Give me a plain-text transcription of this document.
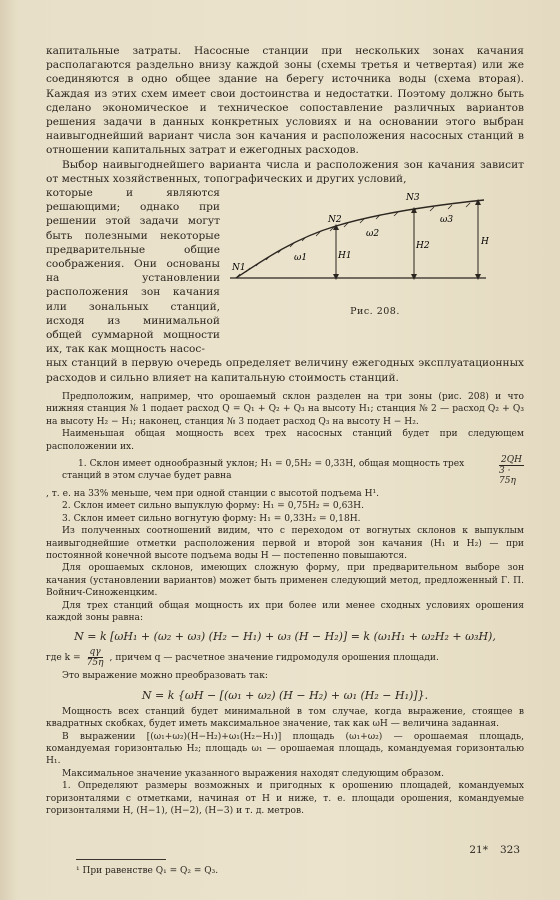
капитальные затраты. Насосные станции при нескольких зонах качания располагаются раздельно внизу каждой зоны (схемы третья и четвертая) или же соединяются в одно общее здание на берегу источника воды (схема вторая). Каждая из этих схем имеет свои достоинства и недостатки. Поэтому должно быть сделано экономическое и техническое сопоставление различных вариантов решения задачи в данных конкретных условиях и на основании этого выбран наивыгоднейший вариант числа зон качания и расположения насосных станций в отношении капитальных затрат и ежегодных расходов.

Выбор наивыгоднейшего варианта числа и расположения зон качания зависит от местных хозяйственных, топографических и других условий,

которые и являются решающими; однако при решении этой задачи могут быть полезными некоторые предварительные общие соображения. Они основаны на установлении расположения зон качания или зональных станций, исходя из минимальной общей суммарной мощности их, так как мощность насос-

N1
N2
N3
ω1
ω2
ω3
H1
H2	H
Рис. 208.

ных станций в первую очередь определяет величину ежегодных эксплуатационных расходов и сильно влияет на капитальную стоимость станций.

Предположим, например, что орошаемый склон разделен на три зоны (рис. 208) и что нижняя станция № 1 подает расход Q = Q₁ + Q₂ + Q₃ на высоту H₁; станция № 2 — расход Q₂ + Q₃ на высоту H₂ − H₁; наконец, станция № 3 подает расход Q₃ на высоту H − H₂.

Наименьшая общая мощность всех трех насосных станций будет при следующем расположении их.

1. Склон имеет однообразный уклон; H₁ = 0,5H₂ = 0,33H, общая мощность трех станций в этом случае будет равна	$\frac{2QH}{3 \cdot 75\eta}$

, т. е. на 33% меньше, чем при одной станции с высотой подъема H¹.

2. Склон имеет сильно выпуклую форму: H₁ = 0,75H₂ = 0,63H.

3. Склон имеет сильно вогнутую форму: H₁ = 0,33H₂ = 0,18H.

Из полученных соотношений видим, что с переходом от вогнутых склонов к выпуклым наивыгоднейшие отметки расположения первой и второй зон качания (H₁ и H₂) — при постоянной конечной высоте подъема воды H — постепенно повышаются.

Для орошаемых склонов, имеющих сложную форму, при предварительном выборе зон качания (установлении вариантов) может быть применен следующий метод, предложенный Г. П. Войнич-Синоженцким.

Для трех станций общая мощность их при более или менее сходных условиях орошения каждой зоны равна:

N = k [ωH₁ + (ω₂ + ω₃) (H₂ − H₁) + ω₃ (H − H₂)] = k (ω₁H₁ + ω₂H₂ + ω₃H),
где $k = \frac{q\gamma}{75\eta}$ , причем q — расчетное значение гидромодуля орошения площади.

Это выражение можно преобразовать так:

N = k {ωH − [(ω₁ + ω₂) (H − H₂) + ω₁ (H₂ − H₁)]}.

Мощность всех станций будет минимальной в том случае, когда выражение, стоящее в квадратных скобках, будет иметь максимальное значение, так как ωH — величина заданная.

В выражении [(ω₁+ω₂)(H−H₂)+ω₁(H₂−H₁)] площадь (ω₁+ω₂) — орошаемая площадь, командуемая горизонталью H₂; площадь ω₁ — орошаемая площадь, командуемая горизонталью H₁.

Максимальное значение указанного выражения находят следующим образом.

1. Определяют размеры возможных и пригодных к орошению площадей, командуемых горизонталями с отметками, начиная от H и ниже, т. е. площади орошения, командуемые горизонталями H, (H−1), (H−2), (H−3) и т. д. метров.

¹ При равенстве Q₁ = Q₂ = Q₃.
21* 323
